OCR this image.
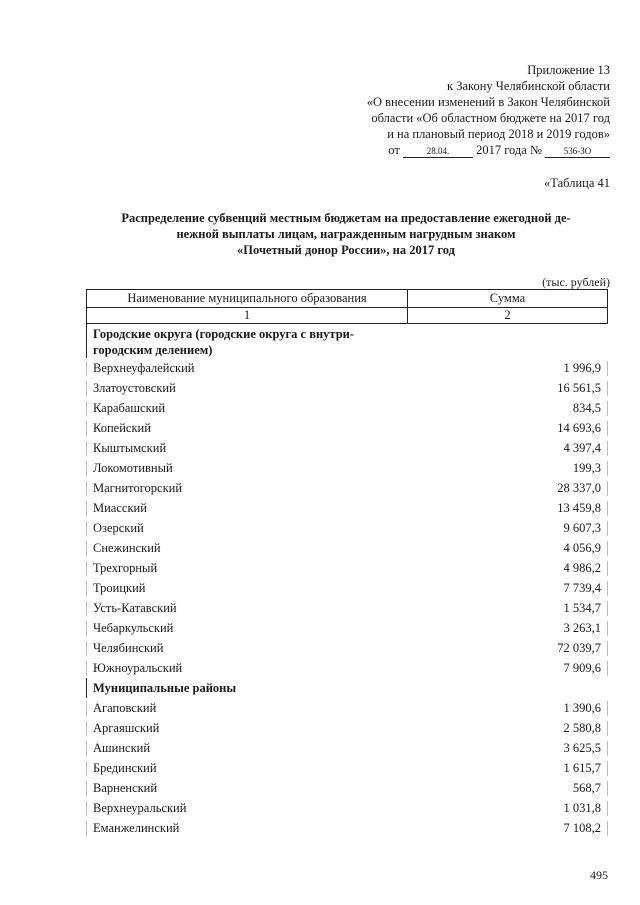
Приложение 13
к Закону Челябинской области
«О внесении изменений в Закон Челябинской
области «Об областном бюджете на 2017 год
и на плановый период 2018 и 2019 годов»
от	28.04. 2017 года № 536-ЗО
«Таблица 41
Распределение субвенций местным бюджетам на предоставление ежегодной де-
нежной выплаты лицам, награжденным нагрудным знаком
«Почетный донор России», на 2017 год
(тыс. рублей)
Наименование муниципального образования	Сумма
1	2
Городские округа (городские округа с внутри-
городским делением)
Верхнеуфалейский	1 996,9
Златоустовский	16 561,5
Карабашский	834,5
Копейский	14 693,6
Кыштымский	4 397,4
Локомотивный	199,3
Магнитогорский	28 337,0
Миасский	13 459,8
Озерский	9 607,3
Снежинский	4 056,9
Трехгорный	4 986,2
Троицкий	7 739,4
Усть-Катавский	1 534,7
Чебаркульский	3 263,1
Челябинский	72 039,7
Южноуральский	7 909,6
Муниципальные районы
Агаповский	1 390,6
Аргаяшский	2 580,8
Ашинский	3 625,5
Брединский	1 615,7
Варненский	568,7
Верхнеуральский	1 031,8
Еманжелинский	7 108,2
495
